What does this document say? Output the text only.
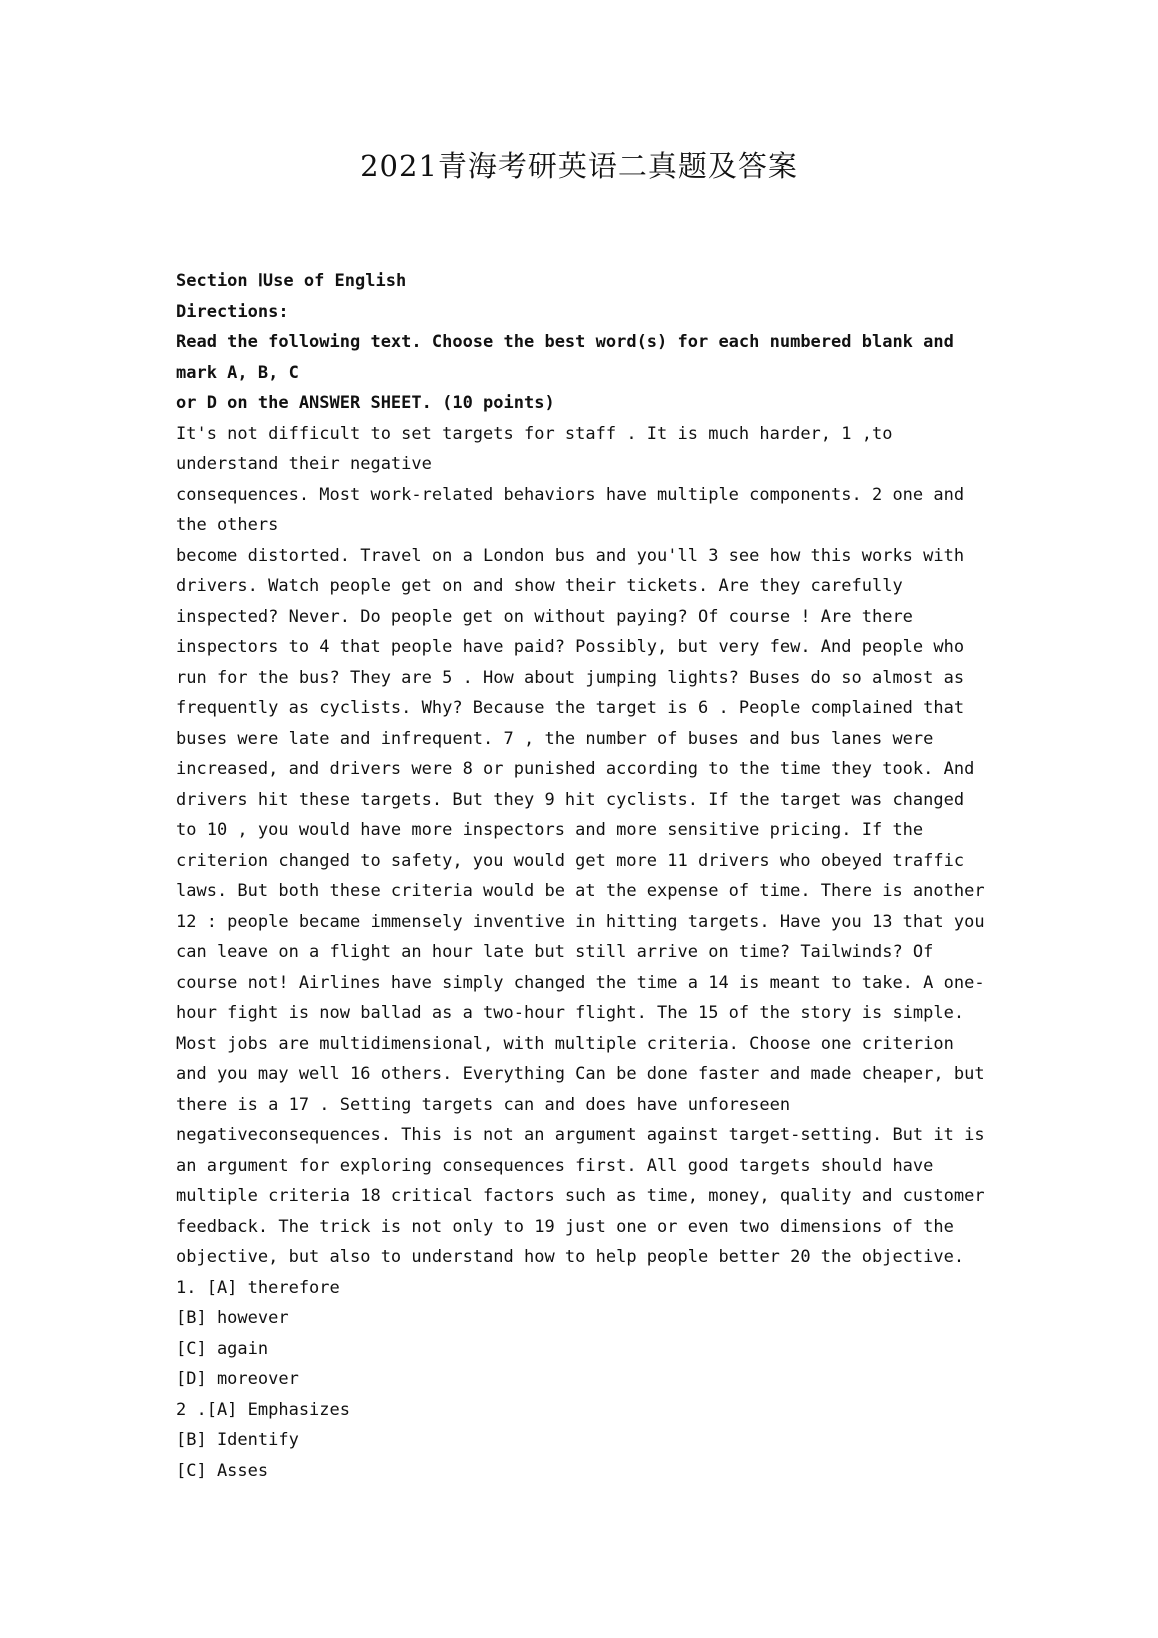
2021青海考研英语二真题及答案
Section ⅠUse of English
Directions:
Read the following text. Choose the best word(s) for each numbered blank and
mark A, B, C
or D on the ANSWER SHEET. (10 points)
It's not difficult to set targets for staff . It is much harder, 1 ,to
understand their negative
consequences. Most work-related behaviors have multiple components. 2 one and
the others
become distorted. Travel on a London bus and you'll 3 see how this works with
drivers. Watch people get on and show their tickets. Are they carefully
inspected? Never. Do people get on without paying? Of course ! Are there
inspectors to 4 that people have paid? Possibly, but very few. And people who
run for the bus? They are 5 . How about jumping lights? Buses do so almost as
frequently as cyclists. Why? Because the target is 6 . People complained that
buses were late and infrequent. 7 , the number of buses and bus lanes were
increased, and drivers were 8 or punished according to the time they took. And
drivers hit these targets. But they 9 hit cyclists. If the target was changed
to 10 , you would have more inspectors and more sensitive pricing. If the
criterion changed to safety, you would get more 11 drivers who obeyed traffic
laws. But both these criteria would be at the expense of time. There is another
12 : people became immensely inventive in hitting targets. Have you 13 that you
can leave on a flight an hour late but still arrive on time? Tailwinds? Of
course not! Airlines have simply changed the time a 14 is meant to take. A one-
hour fight is now ballad as a two-hour flight. The 15 of the story is simple.
Most jobs are multidimensional, with multiple criteria. Choose one criterion
and you may well 16 others. Everything Can be done faster and made cheaper, but
there is a 17 . Setting targets can and does have unforeseen
negativeconsequences. This is not an argument against target-setting. But it is
an argument for exploring consequences first. All good targets should have
multiple criteria 18 critical factors such as time, money, quality and customer
feedback. The trick is not only to 19 just one or even two dimensions of the
objective, but also to understand how to help people better 20 the objective.
1. [A] therefore
[B] however
[C] again
[D] moreover
2 .[A] Emphasizes
[B] Identify
[C] Asses
